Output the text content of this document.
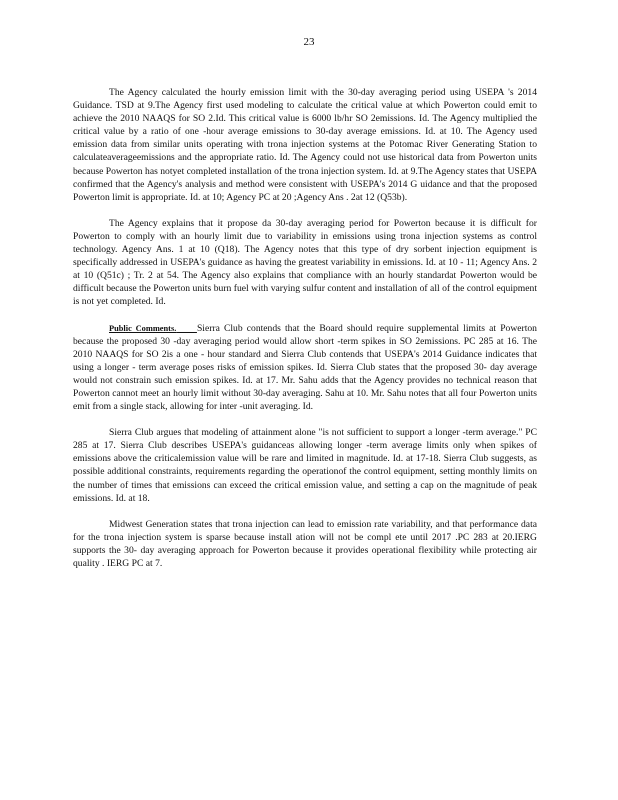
23

The Agency calculated the hourly emission limit with the 30-day averaging period using USEPA 's 2014 Guidance. TSD at 9.The Agency first used modeling to calculate the critical value at which Powerton could emit to achieve the 2010 NAAQS for SO 2.Id. This critical value is 6000 lb/hr SO 2emissions. Id. The Agency multiplied the critical value by a ratio of one -hour average emissions to 30-day average emissions. Id. at 10. The Agency used emission data from similar units operating with trona injection systems at the Potomac River Generating Station to calculateaverageemissions and the appropriate ratio. Id. The Agency could not use historical data from Powerton units because Powerton has notyet completed installation of the trona injection system. Id. at 9.The Agency states that USEPA confirmed that the Agency's analysis and method were consistent with USEPA's 2014 G uidance and that the proposed Powerton limit is appropriate. Id. at 10; Agency PC at 20 ;Agency Ans . 2at 12 (Q53b).

The Agency explains that it propose da 30-day averaging period for Powerton because it is difficult for Powerton to comply with an hourly limit due to variability in emissions using trona injection systems as control technology. Agency Ans. 1 at 10 (Q18). The Agency notes that this type of dry sorbent injection equipment is specifically addressed in USEPA's guidance as having the greatest variability in emissions. Id. at 10 - 11; Agency Ans. 2 at 10 (Q51c) ; Tr. 2 at 54. The Agency also explains that compliance with an hourly standardat Powerton would be difficult because the Powerton units burn fuel with varying sulfur content and installation of all of the control equipment is not yet completed. Id.

Public Comments. Sierra Club contends that the Board should require supplemental limits at Powerton because the proposed 30 -day averaging period would allow short -term spikes in SO 2emissions. PC 285 at 16. The 2010 NAAQS for SO 2is a one - hour standard and Sierra Club contends that USEPA's 2014 Guidance indicates that using a longer - term average poses risks of emission spikes. Id. Sierra Club states that the proposed 30- day average would not constrain such emission spikes. Id. at 17. Mr. Sahu adds that the Agency provides no technical reason that Powerton cannot meet an hourly limit without 30-day averaging. Sahu at 10. Mr. Sahu notes that all four Powerton units emit from a single stack, allowing for inter -unit averaging. Id.

Sierra Club argues that modeling of attainment alone "is not sufficient to support a longer -term average." PC 285 at 17. Sierra Club describes USEPA's guidanceas allowing longer -term average limits only when spikes of emissions above the criticalemission value will be rare and limited in magnitude. Id. at 17-18. Sierra Club suggests, as possible additional constraints, requirements regarding the operationof the control equipment, setting monthly limits on the number of times that emissions can exceed the critical emission value, and setting a cap on the magnitude of peak emissions. Id. at 18.

Midwest Generation states that trona injection can lead to emission rate variability, and that performance data for the trona injection system is sparse because install ation will not be compl ete until 2017 .PC 283 at 20.IERG supports the 30- day averaging approach for Powerton because it provides operational flexibility while protecting air quality . IERG PC at 7.
